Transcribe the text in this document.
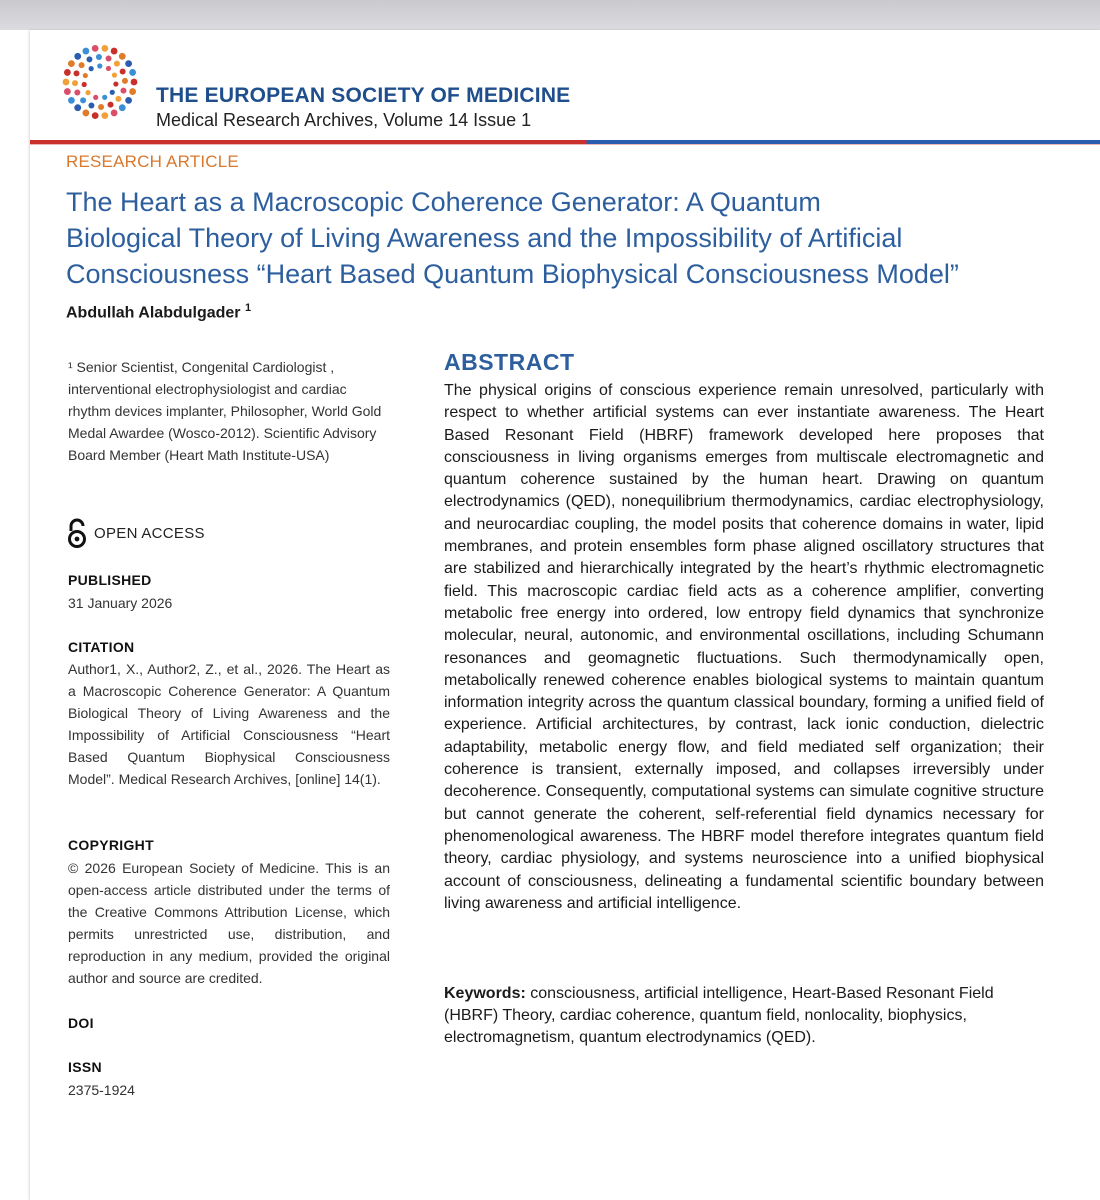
THE EUROPEAN SOCIETY OF MEDICINE
Medical Research Archives, Volume 14 Issue 1
RESEARCH ARTICLE
The Heart as a Macroscopic Coherence Generator: A Quantum
Biological Theory of Living Awareness and the Impossibility of Artificial
Consciousness “Heart Based Quantum Biophysical Consciousness Model”
Abdullah Alabdulgader $^1$

¹ Senior Scientist, Congenital Cardiologist , interventional electrophysiologist and cardiac rhythm devices implanter, Philosopher, World Gold Medal Awardee (Wosco-2012). Scientific Advisory Board Member (Heart Math Institute-USA)

OPEN ACCESS
PUBLISHED

31 January 2026

CITATION

Author1, X., Author2, Z., et al., 2026. The Heart as a Macroscopic Coherence Generator: A Quantum Biological Theory of Living Awareness and the Impossibility of Artificial Consciousness “Heart Based Quantum Biophysical Consciousness Model”. Medical Research Archives, [online] 14(1).

COPYRIGHT

© 2026 European Society of Medicine. This is an open-access article distributed under the terms of the Creative Commons Attribution License, which permits unrestricted use, distribution, and reproduction in any medium, provided the original author and source are credited.

DOI
ISSN

2375-1924

ABSTRACT

The physical origins of conscious experience remain unresolved, particularly with respect to whether artificial systems can ever instantiate awareness. The Heart Based Resonant Field (HBRF) framework developed here proposes that consciousness in living organisms emerges from multiscale electromagnetic and quantum coherence sustained by the human heart. Drawing on quantum electrodynamics (QED), nonequilibrium thermodynamics, cardiac electrophysiology, and neurocardiac coupling, the model posits that coherence domains in water, lipid membranes, and protein ensembles form phase aligned oscillatory structures that are stabilized and hierarchically integrated by the heart’s rhythmic electromagnetic field. This macroscopic cardiac field acts as a coherence amplifier, converting metabolic free energy into ordered, low entropy field dynamics that synchronize molecular, neural, autonomic, and environmental oscillations, including Schumann resonances and geomagnetic fluctuations. Such thermodynamically open, metabolically renewed coherence enables biological systems to maintain quantum information integrity across the quantum classical boundary, forming a unified field of experience. Artificial architectures, by contrast, lack ionic conduction, dielectric adaptability, metabolic energy flow, and field mediated self organization; their coherence is transient, externally imposed, and collapses irreversibly under decoherence. Consequently, computational systems can simulate cognitive structure but cannot generate the coherent, self-referential field dynamics necessary for phenomenological awareness. The HBRF model therefore integrates quantum field theory, cardiac physiology, and systems neuroscience into a unified biophysical account of consciousness, delineating a fundamental scientific boundary between living awareness and artificial intelligence.

Keywords: consciousness, artificial intelligence, Heart-Based Resonant Field (HBRF) Theory, cardiac coherence, quantum field, nonlocality, biophysics, electromagnetism, quantum electrodynamics (QED).
